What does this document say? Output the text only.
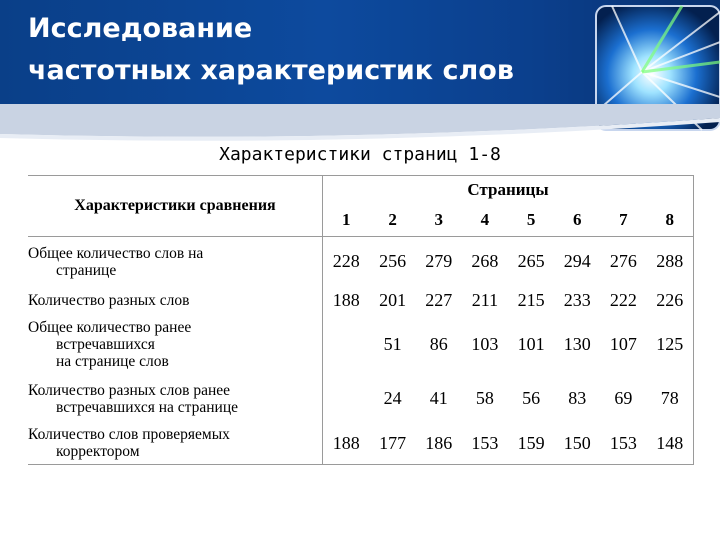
Исследование
частотных характеристик слов
Характеристики страниц 1-8
Характеристики сравнения	Страницы							
	1	2	3	4	5	6	7	8

Общее количество слов на
странице	228	256	279	268	265	294	276	288

Количество разных слов	188	201	227	211	215	233	222	226

Общее количество ранее
встречавшихся
на странице слов		51	86	103	101	130	107	125

Количество разных слов ранее
встречавшихся на странице		24	41	58	56	83	69	78

Количество слов проверяемых
корректором	188	177	186	153	159	150	153	148
